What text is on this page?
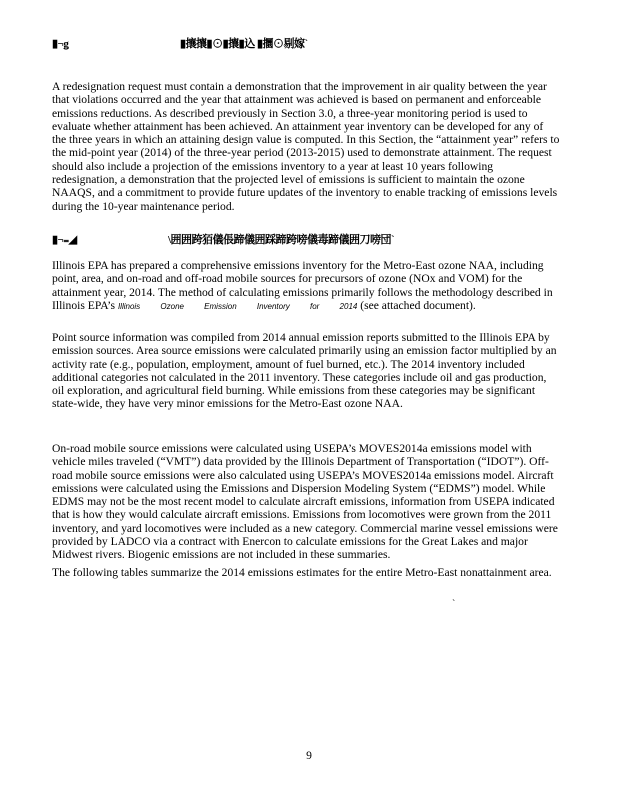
▮¬ǥ	▮攘攘▮⊙▮攘▮込 ▮攌⊙剔嫁ˋ
A redesignation request must contain a demonstration that the improvement in air quality between the year that violations occurred and the year that attainment was achieved is based on permanent and enforceable emissions reductions. As described previously in Section 3.0, a three-year monitoring period is used to evaluate whether attainment has been achieved. An attainment year inventory can be developed for any of the three years in which an attaining design value is computed. In this Section, the “attainment year” refers to the mid-point year (2014) of the three-year period (2013-2015) used to demonstrate attainment. The request should also include a projection of the emissions inventory to a year at least 10 years following redesignation, a demonstration that the projected level of emissions is sufficient to maintain the ozone NAAQS, and a commitment to provide future updates of the inventory to enable tracking of emissions levels during the 10-year maintenance period.
▮¬₌◢	\囲囲跨㹮儀倀蹄儀囲踩蹄跨嗙儀毒蹄儀囲刀嗙団ˋ
Illinois EPA has prepared a comprehensive emissions inventory for the Metro-East ozone NAA, including point, area, and on-road and off-road mobile sources for precursors of ozone (NOx and VOM) for the attainment year, 2014. The method of calculating emissions primarily follows the methodology described in Illinois EPA’s Illinois Ozone Emission Inventory for 2014 (see attached document).
Point source information was compiled from 2014 annual emission reports submitted to the Illinois EPA by emission sources. Area source emissions were calculated primarily using an emission factor multiplied by an activity rate (e.g., population, employment, amount of fuel burned, etc.). The 2014 inventory included additional categories not calculated in the 2011 inventory. These categories include oil and gas production, oil exploration, and agricultural field burning. While emissions from these categories may be significant state-wide, they have very minor emissions for the Metro-East ozone NAA.
On-road mobile source emissions were calculated using USEPA’s MOVES2014a emissions model with vehicle miles traveled (“VMT”) data provided by the Illinois Department of Transportation (“IDOT”). Off-road mobile source emissions were also calculated using USEPA’s MOVES2014a emissions model. Aircraft emissions were calculated using the Emissions and Dispersion Modeling System (“EDMS”) model. While EDMS may not be the most recent model to calculate aircraft emissions, information from USEPA indicated that is how they would calculate aircraft emissions. Emissions from locomotives were grown from the 2011 inventory, and yard locomotives were included as a new category. Commercial marine vessel emissions were provided by LADCO via a contract with Enercon to calculate emissions for the Great Lakes and major Midwest rivers. Biogenic emissions are not included in these summaries.
The following tables summarize the 2014 emissions estimates for the entire Metro-East nonattainment area.
`
9
